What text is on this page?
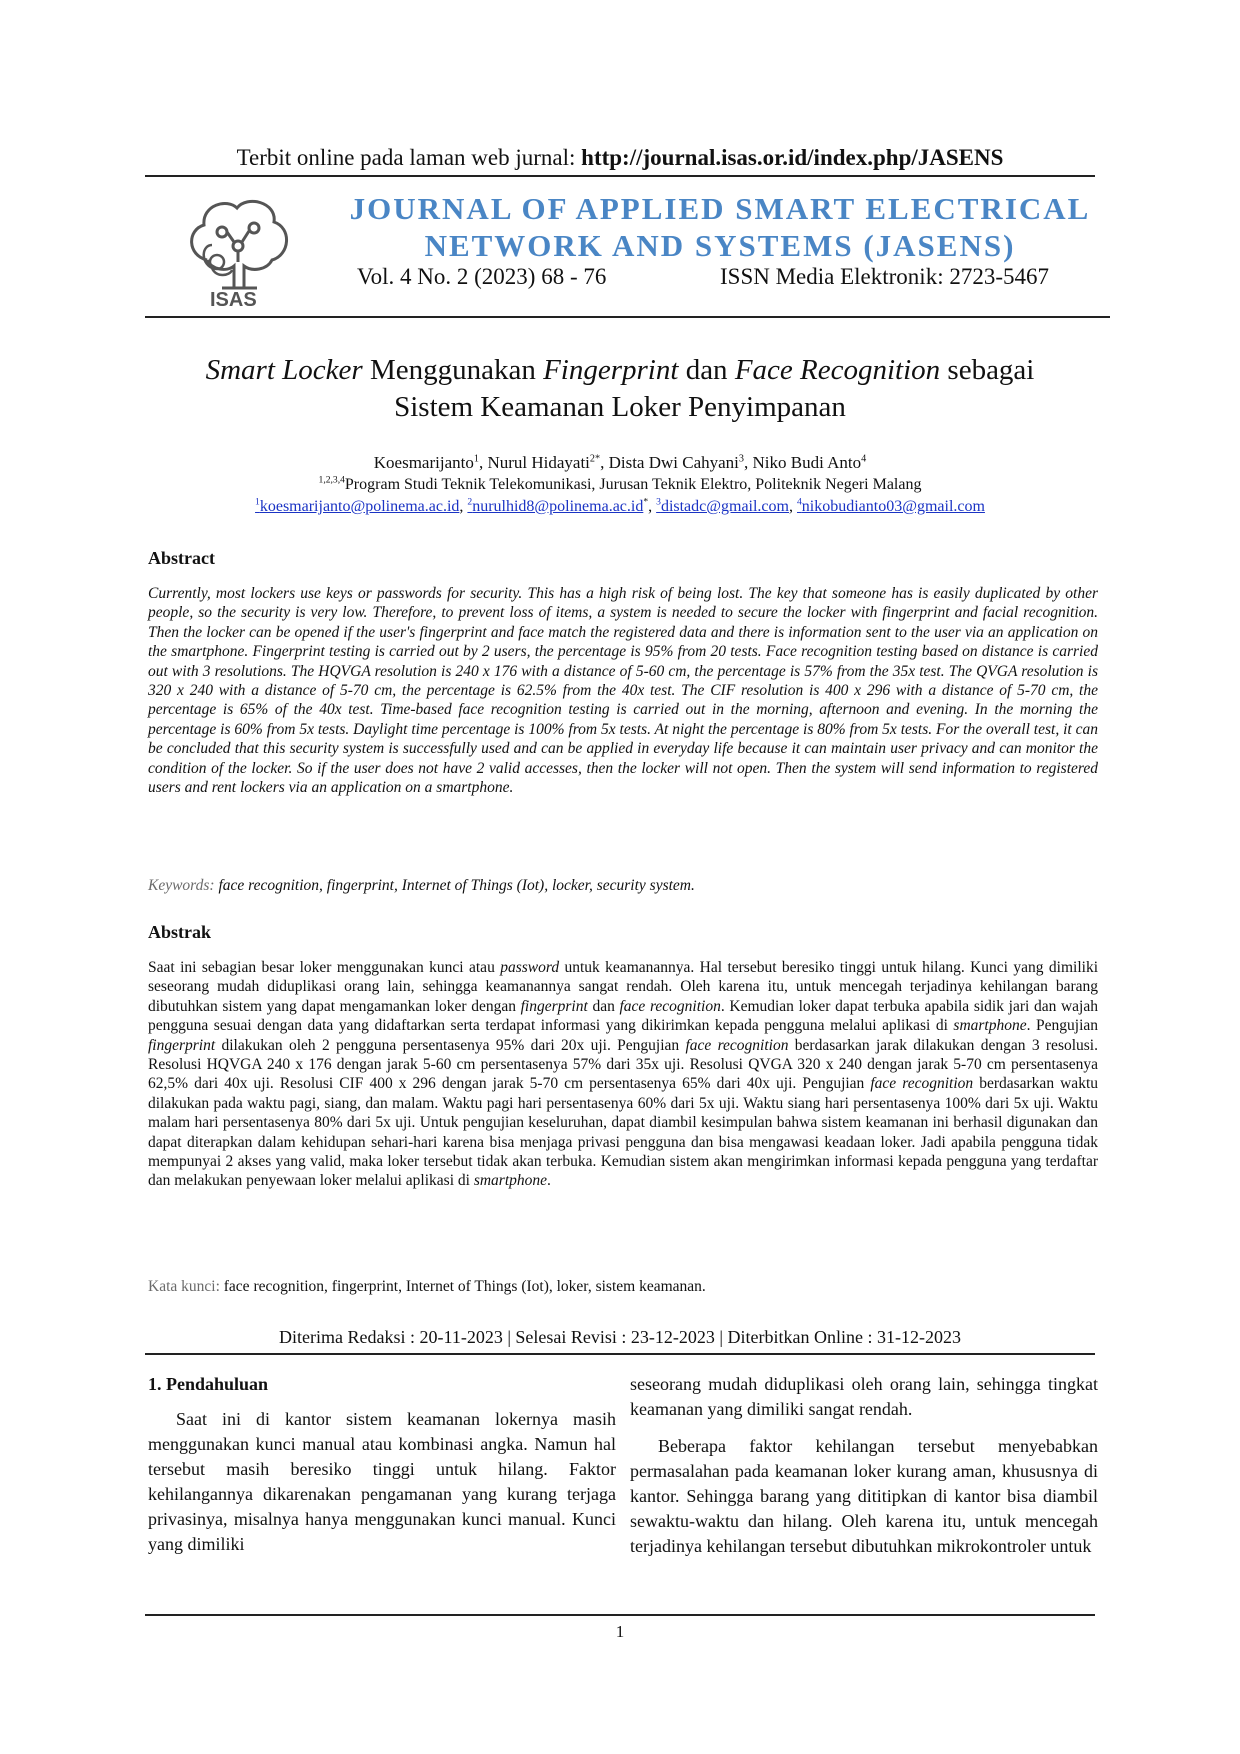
Terbit online pada laman web jurnal: http://journal.isas.or.id/index.php/JASENS
ISAS
JOURNAL OF APPLIED SMART ELECTRICAL
NETWORK AND SYSTEMS (JASENS)
Vol. 4 No. 2 (2023) 68 - 76	ISSN Media Elektronik: 2723-5467
Smart Locker Menggunakan Fingerprint dan Face Recognition sebagai
Sistem Keamanan Loker Penyimpanan
Koesmarijanto$^1$, Nurul Hidayati$^{2*}$, Dista Dwi Cahyani$^3$, Niko Budi Anto$^4$
$^{1,2,3,4}$Program Studi Teknik Telekomunikasi, Jurusan Teknik Elektro, Politeknik Negeri Malang
$^1$koesmarijanto@polinema.ac.id, $^2$nurulhid8@polinema.ac.id*, $^3$distadc@gmail.com, $^4$nikobudianto03@gmail.com
Abstract
Currently, most lockers use keys or passwords for security. This has a high risk of being lost. The key that someone has is easily duplicated by other people, so the security is very low. Therefore, to prevent loss of items, a system is needed to secure the locker with fingerprint and facial recognition. Then the locker can be opened if the user's fingerprint and face match the registered data and there is information sent to the user via an application on the smartphone. Fingerprint testing is carried out by 2 users, the percentage is 95% from 20 tests. Face recognition testing based on distance is carried out with 3 resolutions. The HQVGA resolution is 240 x 176 with a distance of 5-60 cm, the percentage is 57% from the 35x test. The QVGA resolution is 320 x 240 with a distance of 5-70 cm, the percentage is 62.5% from the 40x test. The CIF resolution is 400 x 296 with a distance of 5-70 cm, the percentage is 65% of the 40x test. Time-based face recognition testing is carried out in the morning, afternoon and evening. In the morning the percentage is 60% from 5x tests. Daylight time percentage is 100% from 5x tests. At night the percentage is 80% from 5x tests. For the overall test, it can be concluded that this security system is successfully used and can be applied in everyday life because it can maintain user privacy and can monitor the condition of the locker. So if the user does not have 2 valid accesses, then the locker will not open. Then the system will send information to registered users and rent lockers via an application on a smartphone.
Keywords: face recognition, fingerprint, Internet of Things (Iot), locker, security system.
Abstrak
Saat ini sebagian besar loker menggunakan kunci atau password untuk keamanannya. Hal tersebut beresiko tinggi untuk hilang. Kunci yang dimiliki seseorang mudah diduplikasi orang lain, sehingga keamanannya sangat rendah. Oleh karena itu, untuk mencegah terjadinya kehilangan barang dibutuhkan sistem yang dapat mengamankan loker dengan fingerprint dan face recognition. Kemudian loker dapat terbuka apabila sidik jari dan wajah pengguna sesuai dengan data yang didaftarkan serta terdapat informasi yang dikirimkan kepada pengguna melalui aplikasi di smartphone. Pengujian fingerprint dilakukan oleh 2 pengguna persentasenya 95% dari 20x uji. Pengujian face recognition berdasarkan jarak dilakukan dengan 3 resolusi. Resolusi HQVGA 240 x 176 dengan jarak 5-60 cm persentasenya 57% dari 35x uji. Resolusi QVGA 320 x 240 dengan jarak 5-70 cm persentasenya 62,5% dari 40x uji. Resolusi CIF 400 x 296 dengan jarak 5-70 cm persentasenya 65% dari 40x uji. Pengujian face recognition berdasarkan waktu dilakukan pada waktu pagi, siang, dan malam. Waktu pagi hari persentasenya 60% dari 5x uji. Waktu siang hari persentasenya 100% dari 5x uji. Waktu malam hari persentasenya 80% dari 5x uji. Untuk pengujian keseluruhan, dapat diambil kesimpulan bahwa sistem keamanan ini berhasil digunakan dan dapat diterapkan dalam kehidupan sehari-hari karena bisa menjaga privasi pengguna dan bisa mengawasi keadaan loker. Jadi apabila pengguna tidak mempunyai 2 akses yang valid, maka loker tersebut tidak akan terbuka. Kemudian sistem akan mengirimkan informasi kepada pengguna yang terdaftar dan melakukan penyewaan loker melalui aplikasi di smartphone.
Kata kunci: face recognition, fingerprint, Internet of Things (Iot), loker, sistem keamanan.
Diterima Redaksi : 20-11-2023 | Selesai Revisi : 23-12-2023 | Diterbitkan Online : 31-12-2023
1. Pendahuluan

Saat ini di kantor sistem keamanan lokernya masih menggunakan kunci manual atau kombinasi angka. Namun hal tersebut masih beresiko tinggi untuk hilang. Faktor kehilangannya dikarenakan pengamanan yang kurang terjaga privasinya, misalnya hanya menggunakan kunci manual. Kunci yang dimiliki

seseorang mudah diduplikasi oleh orang lain, sehingga tingkat keamanan yang dimiliki sangat rendah.

Beberapa faktor kehilangan tersebut menyebabkan permasalahan pada keamanan loker kurang aman, khususnya di kantor. Sehingga barang yang dititipkan di kantor bisa diambil sewaktu-waktu dan hilang. Oleh karena itu, untuk mencegah terjadinya kehilangan tersebut dibutuhkan mikrokontroler untuk

1
